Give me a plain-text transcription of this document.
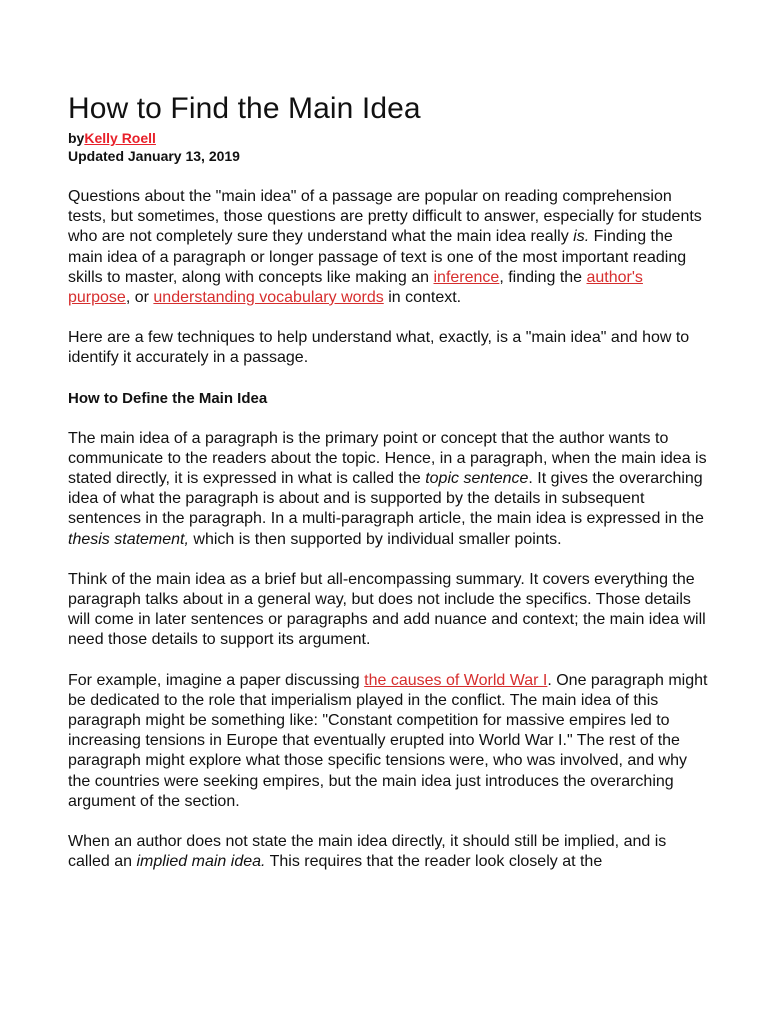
How to Find the Main Idea
byKelly Roell
Updated January 13, 2019

Questions about the "main idea" of a passage are popular on reading comprehension tests, but sometimes, those questions are pretty difficult to answer, especially for students who are not completely sure they understand what the main idea really is. Finding the main idea of a paragraph or longer passage of text is one of the most important reading skills to master, along with concepts like making an inference, finding the author's purpose, or understanding vocabulary words in context.

Here are a few techniques to help understand what, exactly, is a "main idea" and how to identify it accurately in a passage.

How to Define the Main Idea

The main idea of a paragraph is the primary point or concept that the author wants to communicate to the readers about the topic. Hence, in a paragraph, when the main idea is stated directly, it is expressed in what is called the topic sentence. It gives the overarching idea of what the paragraph is about and is supported by the details in subsequent sentences in the paragraph. In a multi-paragraph article, the main idea is expressed in the thesis statement, which is then supported by individual smaller points.

Think of the main idea as a brief but all-encompassing summary. It covers everything the paragraph talks about in a general way, but does not include the specifics. Those details will come in later sentences or paragraphs and add nuance and context; the main idea will need those details to support its argument.

For example, imagine a paper discussing the causes of World War I. One paragraph might be dedicated to the role that imperialism played in the conflict. The main idea of this paragraph might be something like: "Constant competition for massive empires led to increasing tensions in Europe that eventually erupted into World War I." The rest of the paragraph might explore what those specific tensions were, who was involved, and why the countries were seeking empires, but the main idea just introduces the overarching argument of the section.

When an author does not state the main idea directly, it should still be implied, and is called an implied main idea. This requires that the reader look closely at the
